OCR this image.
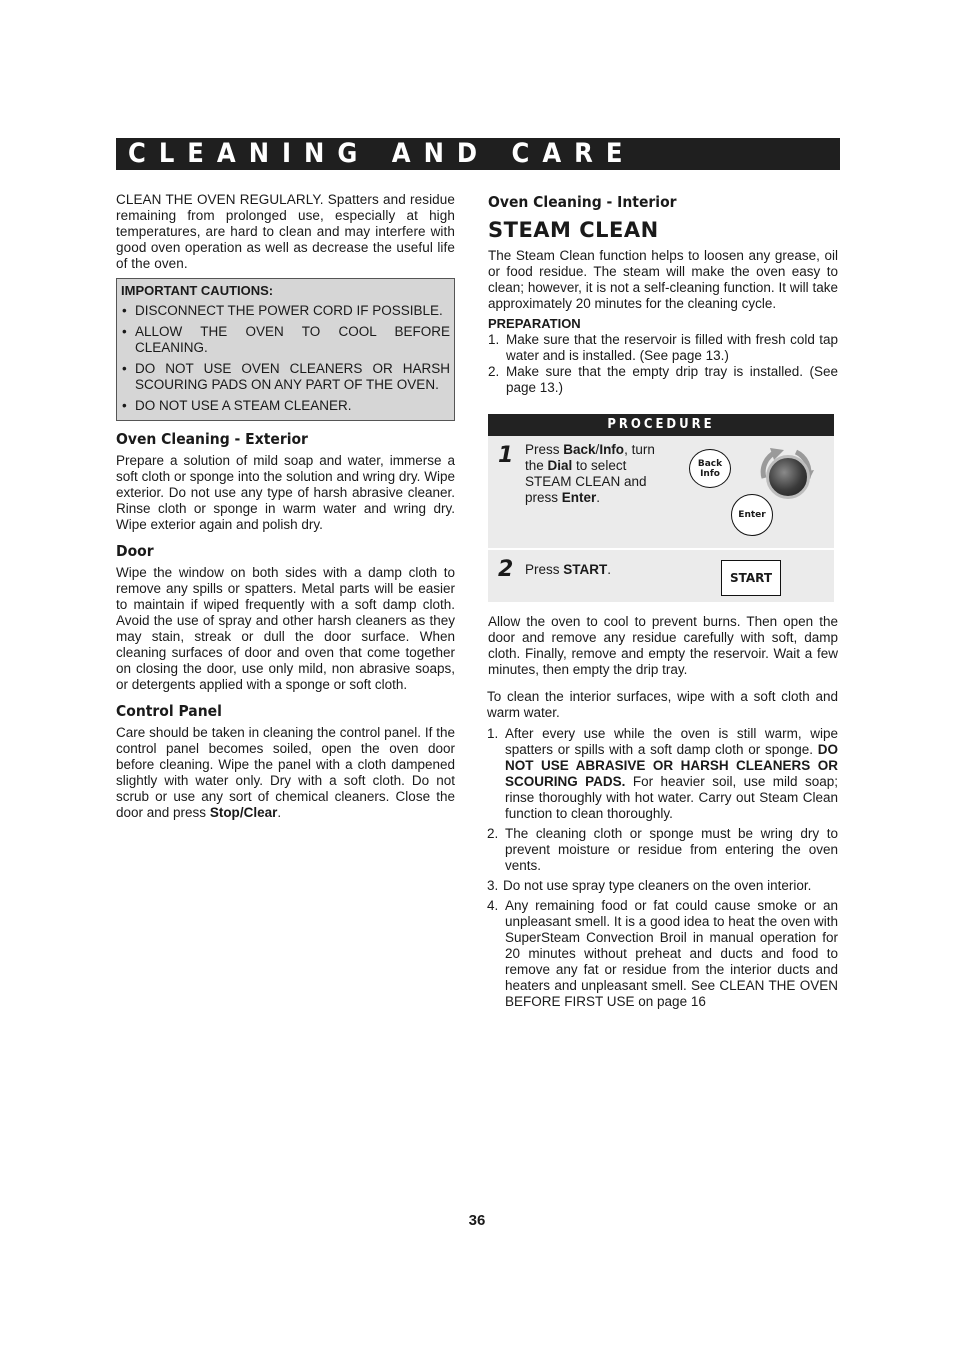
CLEANING AND CARE

CLEAN THE OVEN REGULARLY. Spatters and residue remaining from prolonged use, especially at high temperatures, are hard to clean and may interfere with good oven operation as well as decrease the useful life of the oven.

IMPORTANT CAUTIONS:
• DISCONNECT THE POWER CORD IF POSSIBLE.
• ALLOW THE OVEN TO COOL BEFORE CLEANING.
• DO NOT USE OVEN CLEANERS OR HARSH SCOURING PADS ON ANY PART OF THE OVEN.
• DO NOT USE A STEAM CLEANER.
Oven Cleaning - Exterior

Prepare a solution of mild soap and water, immerse a soft cloth or sponge into the solution and wring dry. Wipe exterior. Do not use any type of harsh abrasive cleaner. Rinse cloth or sponge in warm water and wring dry. Wipe exterior again and polish dry.

Door

Wipe the window on both sides with a damp cloth to remove any spills or spatters. Metal parts will be easier to maintain if wiped frequently with a soft damp cloth. Avoid the use of spray and other harsh cleaners as they may stain, streak or dull the door surface. When cleaning surfaces of door and oven that come together on closing the door, use only mild, non abrasive soaps, or detergents applied with a sponge or soft cloth.

Control Panel

Care should be taken in cleaning the control panel. If the control panel becomes soiled, open the oven door before cleaning. Wipe the panel with a cloth dampened slightly with water only. Dry with a soft cloth. Do not scrub or use any sort of chemical cleaners. Close the door and press Stop/Clear.

Oven Cleaning - Interior
STEAM CLEAN

The Steam Clean function helps to loosen any grease, oil or food residue. The steam will make the oven easy to clean; however, it is not a self-cleaning function. It will take approximately 20 minutes for the cleaning cycle.

PREPARATION
1. Make sure that the reservoir is filled with fresh cold tap water and is installed. (See page 13.)
2. Make sure that the empty drip tray is installed. (See page 13.)
PROCEDURE
1 Press Back/Info, turn the Dial to select STEAM CLEAN and press Enter.
Back
Info
Enter
2 Press START.
START

Allow the oven to cool to prevent burns. Then open the door and remove any residue carefully with soft, damp cloth. Finally, remove and empty the reservoir. Wait a few minutes, then empty the drip tray.

To clean the interior surfaces, wipe with a soft cloth and warm water.

1. After every use while the oven is still warm, wipe spatters or spills with a soft damp cloth or sponge. DO NOT USE ABRASIVE OR HARSH CLEANERS OR SCOURING PADS. For heavier soil, use mild soap; rinse thoroughly with hot water. Carry out Steam Clean function to clean thoroughly.
2. The cleaning cloth or sponge must be wring dry to prevent moisture or residue from entering the oven vents.
3. Do not use spray type cleaners on the oven interior.
4. Any remaining food or fat could cause smoke or an unpleasant smell. It is a good idea to heat the oven with SuperSteam Convection Broil in manual operation for 20 minutes without preheat and ducts and food to remove any fat or residue from the interior ducts and heaters and unpleasant smell. See CLEAN THE OVEN BEFORE FIRST USE on page 16
36
